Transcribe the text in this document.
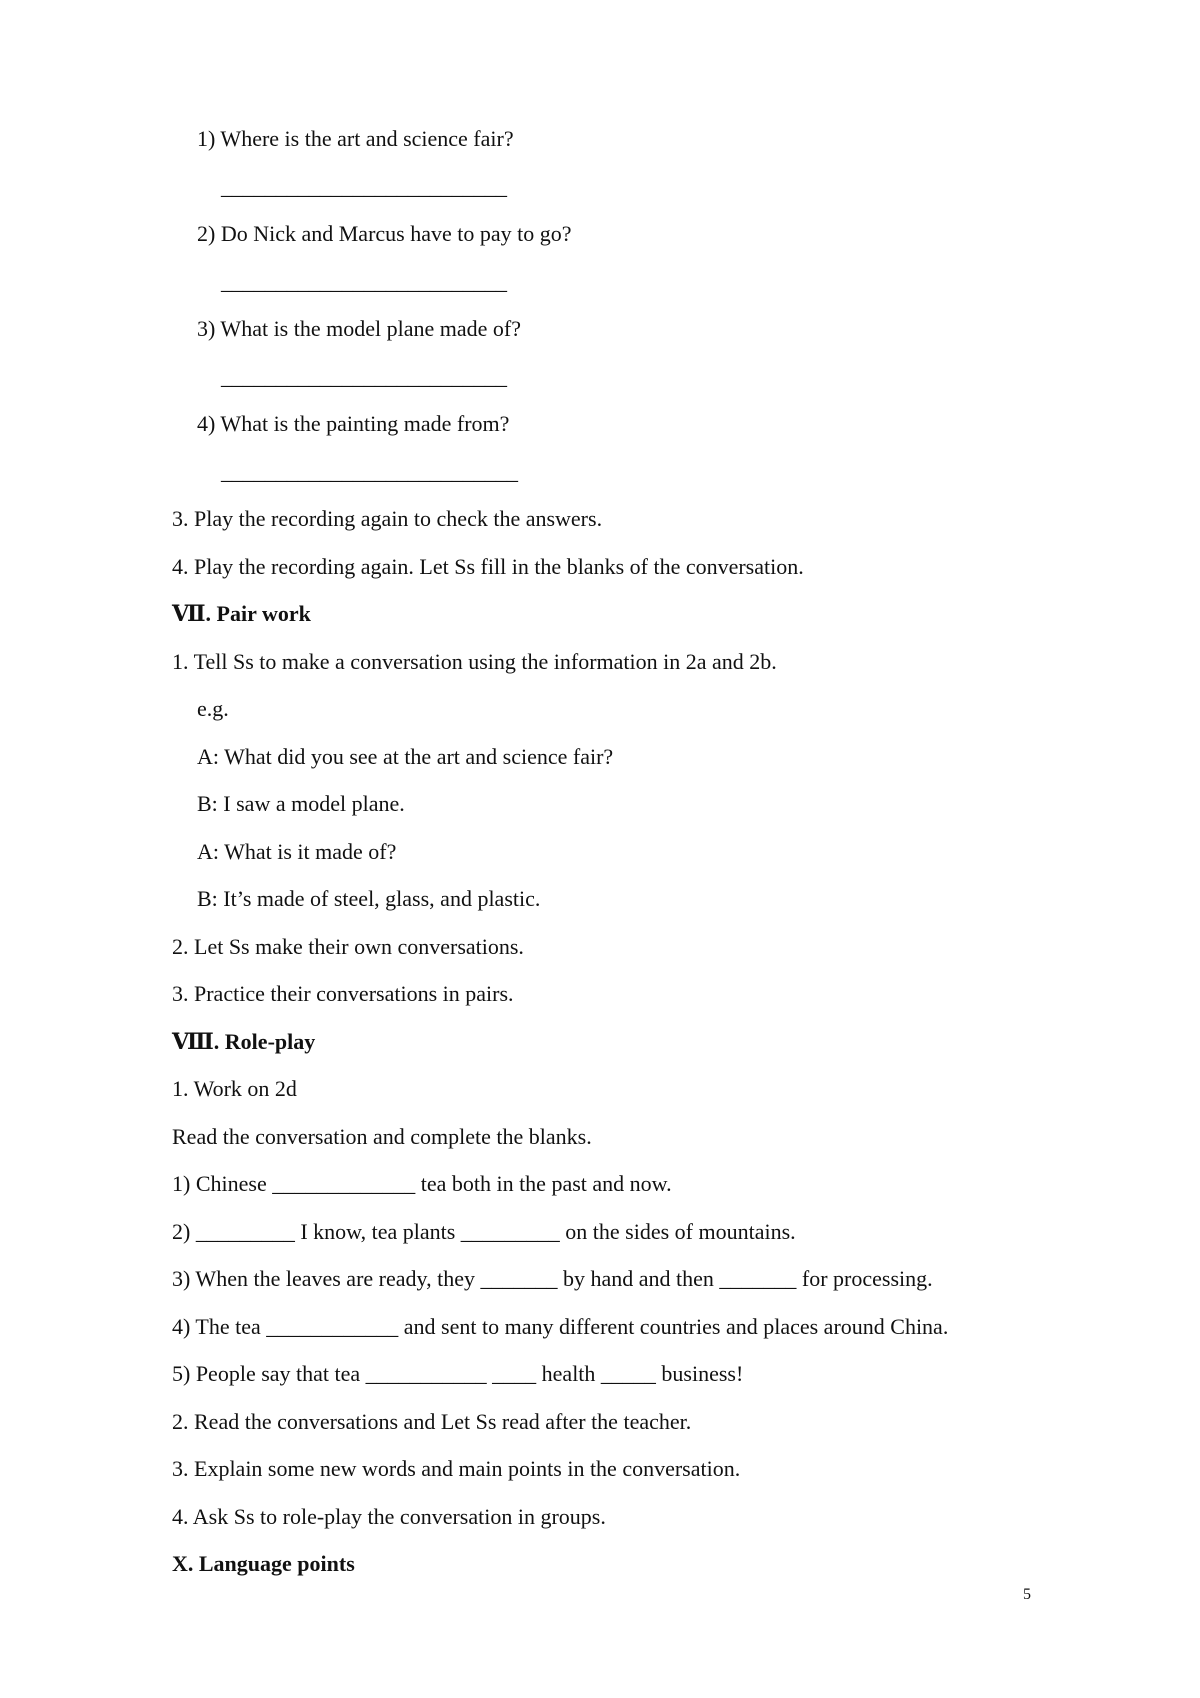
1) Where is the art and science fair?
__________________________
2) Do Nick and Marcus have to pay to go?
__________________________
3) What is the model plane made of?
__________________________
4) What is the painting made from?
___________________________
3. Play the recording again to check the answers.
4. Play the recording again. Let Ss fill in the blanks of the conversation.
Ⅶ. Pair work
1. Tell Ss to make a conversation using the information in 2a and 2b.
e.g.
A: What did you see at the art and science fair?
B: I saw a model plane.
A: What is it made of?
B: It’s made of steel, glass, and plastic.
2. Let Ss make their own conversations.
3. Practice their conversations in pairs.
Ⅷ. Role-play
1. Work on 2d
Read the conversation and complete the blanks.
1) Chinese _____________ tea both in the past and now.
2) _________ I know, tea plants _________ on the sides of mountains.
3) When the leaves are ready, they _______ by hand and then _______ for processing.
4) The tea ____________ and sent to many different countries and places around China.
5) People say that tea ___________ ____ health _____ business!
2. Read the conversations and Let Ss read after the teacher.
3. Explain some new words and main points in the conversation.
4. Ask Ss to role-play the conversation in groups.
X. Language points
5
